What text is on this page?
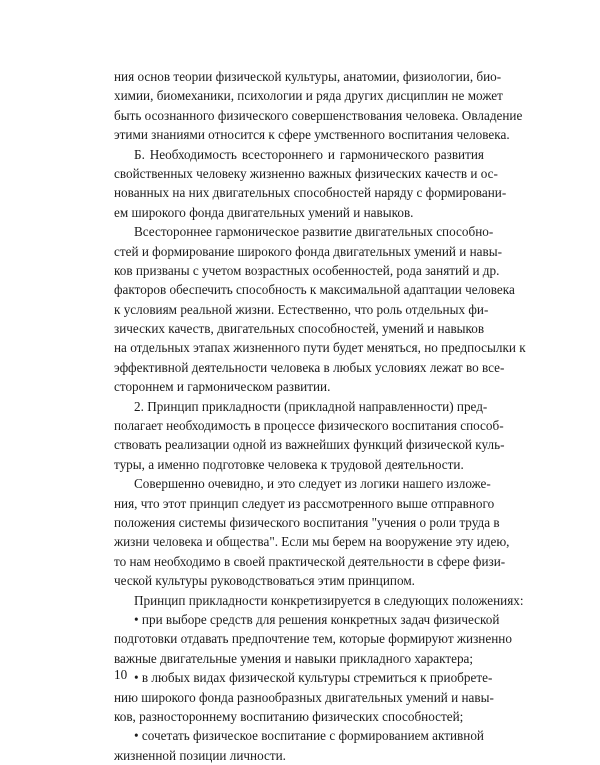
ния основ теории физической культуры, анатомии, физиологии, био-
химии, биомеханики, психологии и ряда других дисциплин не может
быть осознанного физического совершенствования человека. Овладение
этими знаниями относится к сфере умственного воспитания человека.
Б. Необходимость всестороннего и гармонического развития
свойственных человеку жизненно важных физических качеств и ос-
нованных на них двигательных способностей наряду с формировани-
ем широкого фонда двигательных умений и навыков.
Всестороннее гармоническое развитие двигательных способно-
стей и формирование широкого фонда двигательных умений и навы-
ков призваны с учетом возрастных особенностей, рода занятий и др.
факторов обеспечить способность к максимальной адаптации человека
к условиям реальной жизни. Естественно, что роль отдельных фи-
зических качеств, двигательных способностей, умений и навыков
на отдельных этапах жизненного пути будет меняться, но предпосылки к
эффективной деятельности человека в любых условиях лежат во все-
стороннем и гармоническом развитии.
2. Принцип прикладности (прикладной направленности) пред-
полагает необходимость в процессе физического воспитания способ-
ствовать реализации одной из важнейших функций физической куль-
туры, а именно подготовке человека к трудовой деятельности.
Совершенно очевидно, и это следует из логики нашего изложе-
ния, что этот принцип следует из рассмотренного выше отправного
положения системы физического воспитания "учения о роли труда в
жизни человека и общества". Если мы берем на вооружение эту идею,
то нам необходимо в своей практической деятельности в сфере физи-
ческой культуры руководствоваться этим принципом.
Принцип прикладности конкретизируется в следующих положениях:
• при выборе средств для решения конкретных задач физической
подготовки отдавать предпочтение тем, которые формируют жизненно
важные двигательные умения и навыки прикладного характера;
• в любых видах физической культуры стремиться к приобрете-
нию широкого фонда разнообразных двигательных умений и навы-
ков, разностороннему воспитанию физических способностей;
• сочетать физическое воспитание с формированием активной
жизненной позиции личности.
10
